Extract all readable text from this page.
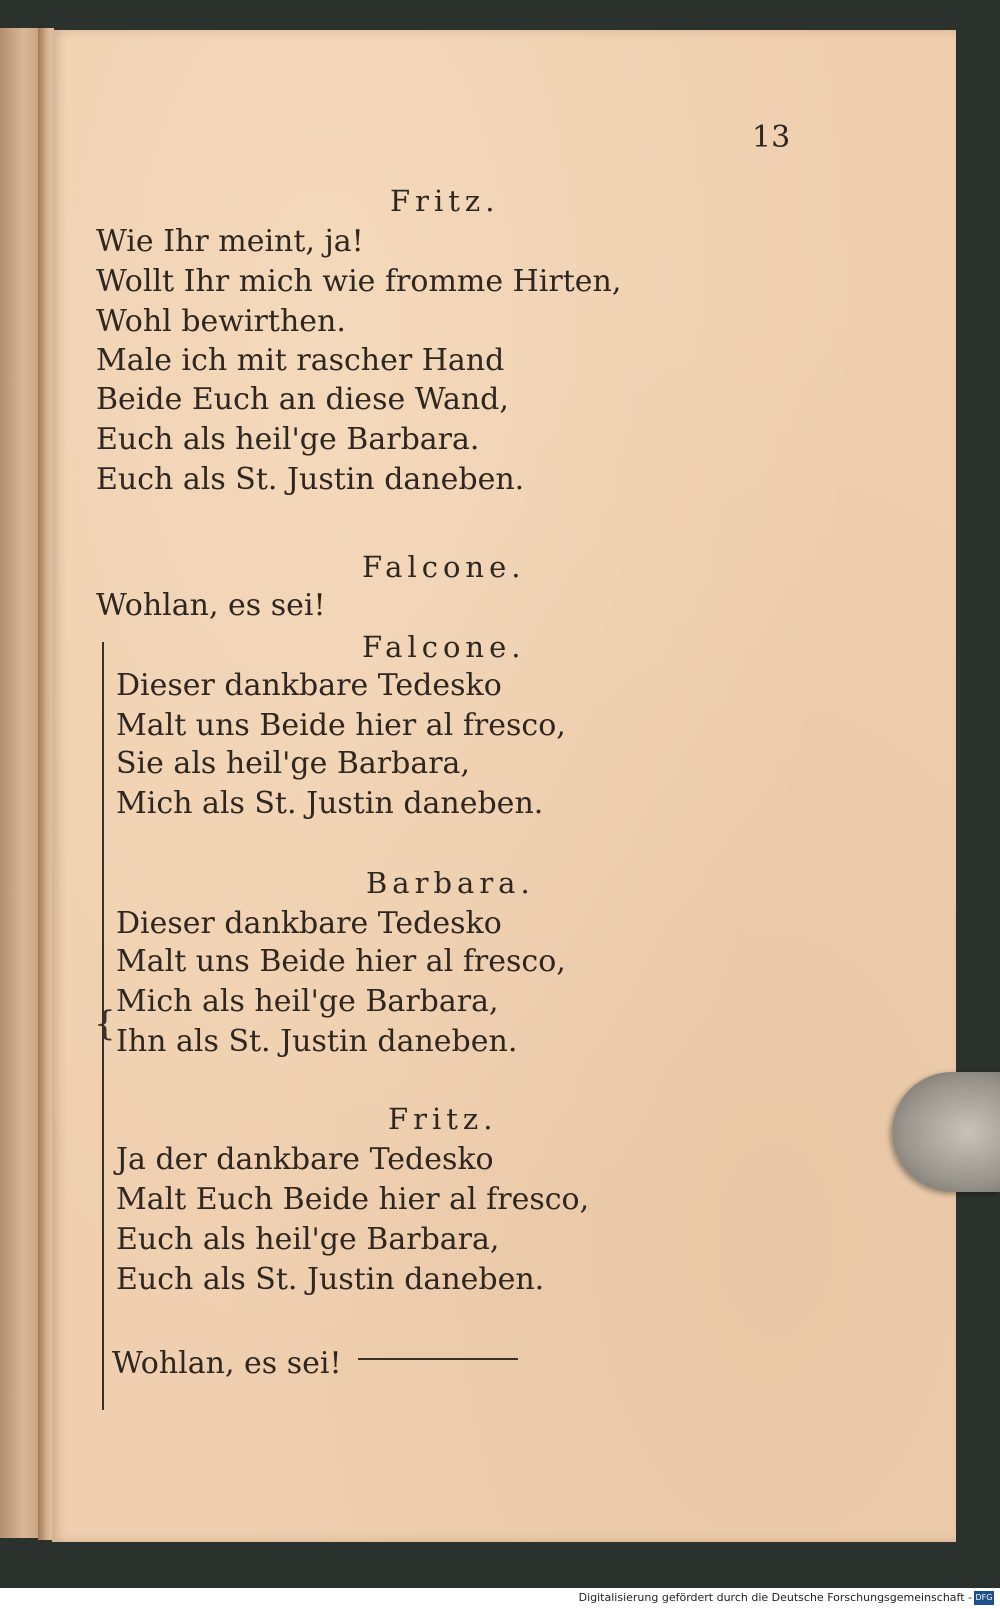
13
Fritz.
Wie Ihr meint, ja!
Wollt Ihr mich wie fromme Hirten,
Wohl bewirthen.
Male ich mit rascher Hand
Beide Euch an diese Wand,
Euch als heil'ge Barbara.
Euch als St. Justin daneben.
Falcone.
Wohlan, es sei!
{
Falcone.
Dieser dankbare Tedesko
Malt uns Beide hier al fresco,
Sie als heil'ge Barbara,
Mich als St. Justin daneben.
Barbara.
Dieser dankbare Tedesko
Malt uns Beide hier al fresco,
Mich als heil'ge Barbara,
Ihn als St. Justin daneben.
Fritz.
Ja der dankbare Tedesko
Malt Euch Beide hier al fresco,
Euch als heil'ge Barbara,
Euch als St. Justin daneben.
Wohlan, es sei!
Digitalisierung gefördert durch die Deutsche Forschungsgemeinschaft - DFG
